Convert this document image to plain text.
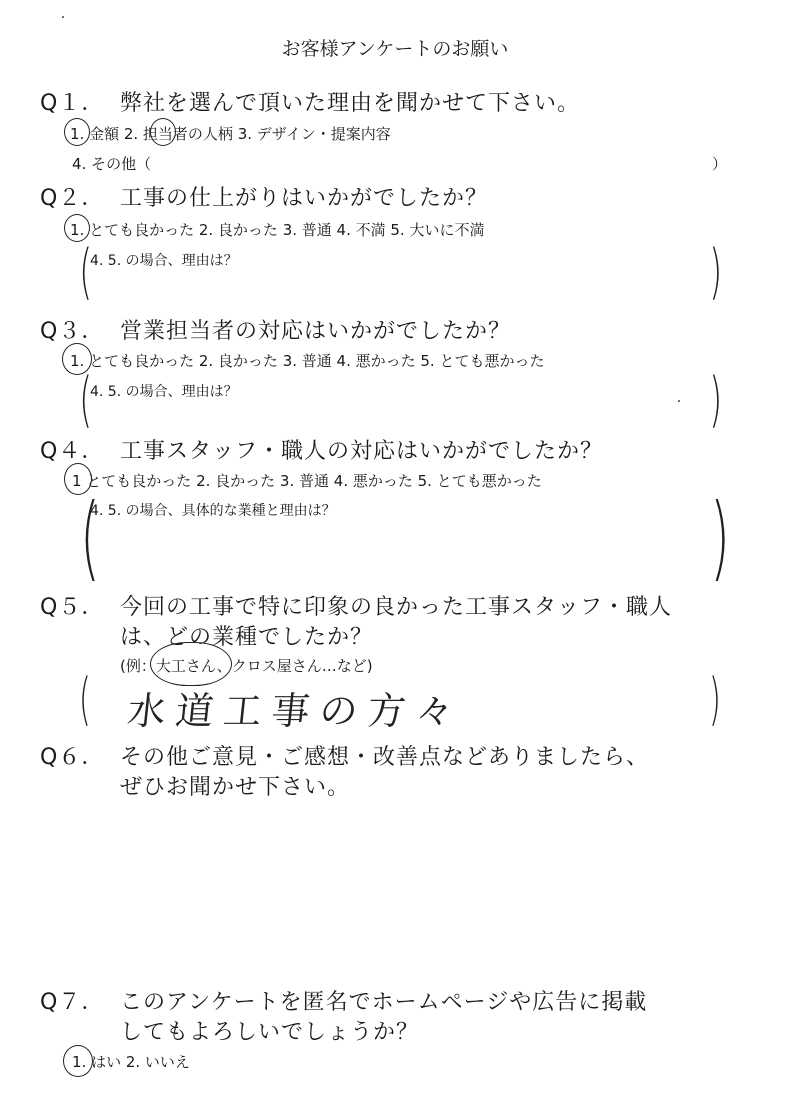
お客様アンケートのお願い
Q１． 弊社を選んで頂いた理由を聞かせて下さい。
1. 金額 2. 担当者の人柄 3. デザイン・提案内容
4. その他（	）
Q２． 工事の仕上がりはいかがでしたか？
1. とても良かった 2. 良かった 3. 普通 4. 不満 5. 大いに不満
(
4. 5. の場合、理由は？	)
Q３． 営業担当者の対応はいかがでしたか？
1. とても良かった 2. 良かった 3. 普通 4. 悪かった 5. とても悪かった
(
4. 5. の場合、理由は？	)
Q４． 工事スタッフ・職人の対応はいかがでしたか？
1 とても良かった 2. 良かった 3. 普通 4. 悪かった 5. とても悪かった
(
4. 5. の場合、具体的な業種と理由は？	)
Q５． 今回の工事で特に印象の良かった工事スタッフ・職人
は、どの業種でしたか？
(例：大工さん、クロス屋さん…など)
( 水道工事の方々	)
Q６． その他ご意見・ご感想・改善点などありましたら、
ぜひお聞かせ下さい。
Q７． このアンケートを匿名でホームページや広告に掲載
してもよろしいでしょうか？
1. はい 2. いいえ
